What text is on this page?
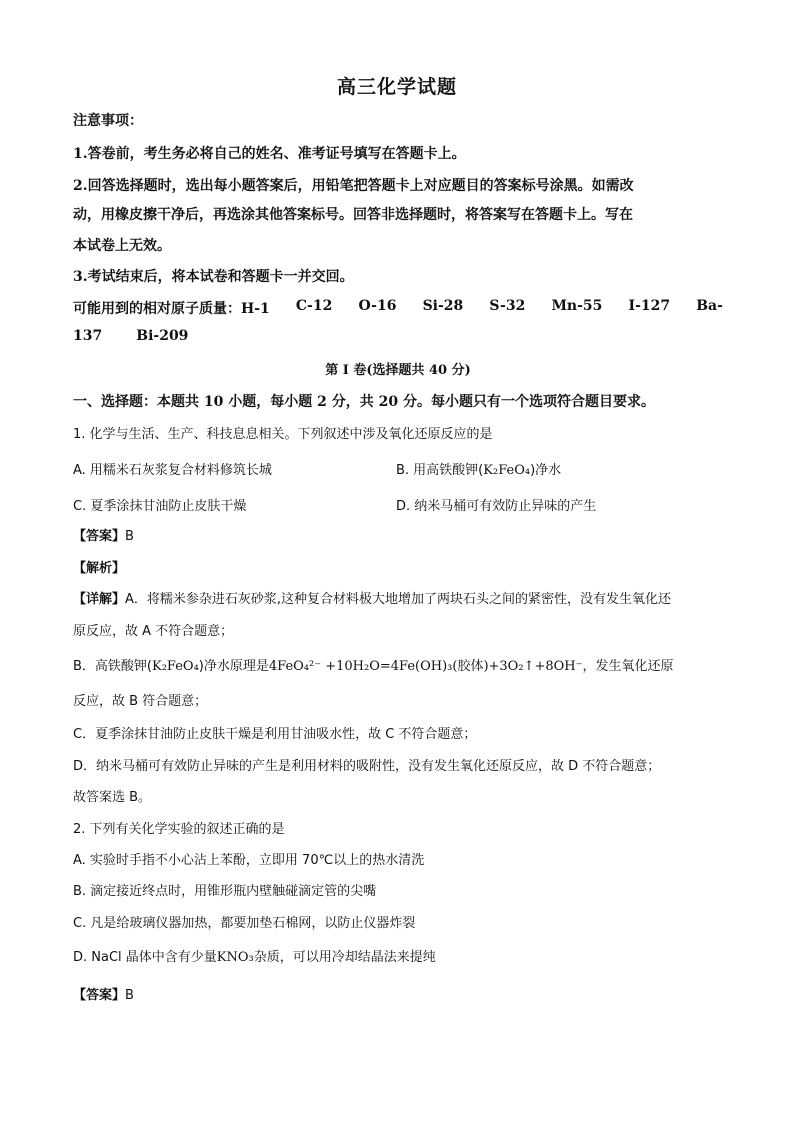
高三化学试题
注意事项：
1.答卷前，考生务必将自己的姓名、准考证号填写在答题卡上。
2.回答选择题时，选出每小题答案后，用铅笔把答题卡上对应题目的答案标号涂黑。如需改
动，用橡皮擦干净后，再选涂其他答案标号。回答非选择题时，将答案写在答题卡上。写在
本试卷上无效。
3.考试结束后，将本试卷和答题卡一并交回。
可能用到的相对原子质量：H-1 C-12 O-16 Si-28 S-32 Mn-55 I-127 Ba-
137 Bi-209
第 I 卷(选择题共 40 分)
一、选择题：本题共 10 小题，每小题 2 分，共 20 分。每小题只有一个选项符合题目要求。
1. 化学与生活、生产、科技息息相关。下列叙述中涉及氧化还原反应的是
A. 用糯米石灰浆复合材料修筑长城	B. 用高铁酸钾(K₂FeO₄)净水
C. 夏季涂抹甘油防止皮肤干燥	D. 纳米马桶可有效防止异味的产生
【答案】B
【解析】
【详解】A．将糯米参杂进石灰砂浆,这种复合材料极大地增加了两块石头之间的紧密性，没有发生氧化还
原反应，故 A 不符合题意；
B．高铁酸钾(K₂FeO₄)净水原理是4FeO₄²⁻ +10H₂O=4Fe(OH)₃(胶体)+3O₂↑+8OH⁻，发生氧化还原
反应，故 B 符合题意；
C．夏季涂抹甘油防止皮肤干燥是利用甘油吸水性，故 C 不符合题意；
D．纳米马桶可有效防止异味的产生是利用材料的吸附性，没有发生氧化还原反应，故 D 不符合题意；
故答案选 B。
2. 下列有关化学实验的叙述正确的是
A. 实验时手指不小心沾上苯酚，立即用 70℃以上的热水清洗
B. 滴定接近终点时，用锥形瓶内壁触碰滴定管的尖嘴
C. 凡是给玻璃仪器加热，都要加垫石棉网，以防止仪器炸裂
D. NaCl 晶体中含有少量KNO₃杂质，可以用冷却结晶法来提纯
【答案】B
